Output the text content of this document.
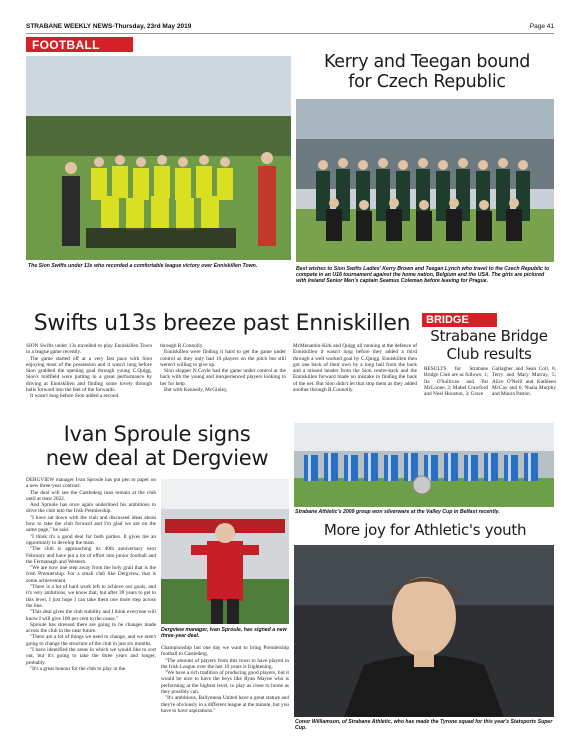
STRABANE WEEKLY NEWS-Thursday, 23rd May 2019	Page 41
FOOTBALL
The Sion Swifts under 13s who recorded a comfortable league victory over Enniskillen Town.
Kerry and Teegan bound
for Czech Republic
Best wishes to Sion Swifts Ladies' Kerry Brown and Teegan Lynch who travel to the Czech Republic to compete in an U16 tournament against the home nation, Belgium and the USA. The girls are pictured with Ireland Senior Men's captain Seamus Coleman before leaving for Prague.
Swifts u13s breeze past Enniskillen

SION Swifts under 13s travelled to play Enniskillen Town in a league game recently.

The game started off at a very fast pace with Sion enjoying most of the possession and it wasn't long before Sion grabbed the opening goal through young C.Quigg. Sion's midfield were putting in a great performance by driving at Enniskillen and finding some lovely through balls forward into the feet of the forwards.

It wasn't long before Sion added a second

through R.Connolly.

Enniskillen were finding it hard to get the game under control as they only had 10 players on the pitch but still weren't willing to give up.

Sion skipper N.Coyle had the game under control at the back with the young and inexperienced players looking to her for help.

But with Kennedy, McGinley,

McMenamin-Kirk and Quigg all running at the defence of Enniskillen it wasn't long before they added a third through a well worked goal by C.Quigg. Enniskillen then got one back of their own by a long ball from the back and a missed header from the Sion centre-back and the Enniskillen forward made no mistake in finding the back of the net. But Sion didn't let that stop them as they added another through R.Connolly.

BRIDGE
Strabane Bridge
Club results
RESULTS for Strabane Bridge Club are as follows: 1; Ita O'Sullivan and Pat McLoone, 2; Mabel Crawford and Noel Houston, 3; Grace
Gallagher and Sean Coll, 6; Terry and Mary Murray, 5; Alice O'Neill and Kathleen McCay and 6; Nuala Murphy and Maura Patton.
Ivan Sproule signs
new deal at Dergview

DERGVIEW manager Ivan Sproule has put pen to paper on a new three-year contract.

The deal will see the Castlederg man remain at the club until at least 2022.

And Sproule has once again underlined his ambitions to drive the club into the Irish Premiership.

"I have sat down with the club and discussed ideas about how to take the club forward and I'm glad we are on the same page," he said.

"I think it's a good deal for both parties. It gives me an opportunity to develop the team.

"The club is approaching its 40th anniversary next February and have put a lot of effort into junior football and the Fermanagh and Western.

"We are now one step away from the holy grail that is the Irish Premiership. For a small club like Dergview, that is some achievement.

"There is a lot of hard work left to achieve our goals, and it's very ambitious, we know that, but after 39 years to get to this level, I just hope I can take them one more step across the line.

"This deal gives the club stability and I think everyone will know I will give 100 per cent to the cause."

Sproule has stressed there are going to be changes made across the club in the near future.

"There are a lot of things we need to change, and we aren't going to change the structure of the club in just six months.

"I have identified the areas in which we would like to sort out, but it's going to take the three years and longer, probably.

"It's a great honour for the club to play in the

Dergview manager, Ivan Sproule, has signed a new three-year deal.

Championship but one day we want to bring Premiership football to Castlederg.

"The amount of players from this town to have played in the Irish League over the last 10 years is frightening.

"We have a rich tradition of producing good players, but it would be nice to have the boys like Ryan Mayne who is performing at the highest level, to play as close to home as they possibly can.

"It's ambitious, Ballymena United have a great stature and they're obviously in a different league at the minute, but you have to have aspirations."

Strabane Athletic's 2009 group won silverware at the Valley Cup in Belfast recently.
More joy for Athletic's youth
Conor Williamson, of Strabane Athletic, who has made the Tyrone squad for this year's Statsports Super Cup.
